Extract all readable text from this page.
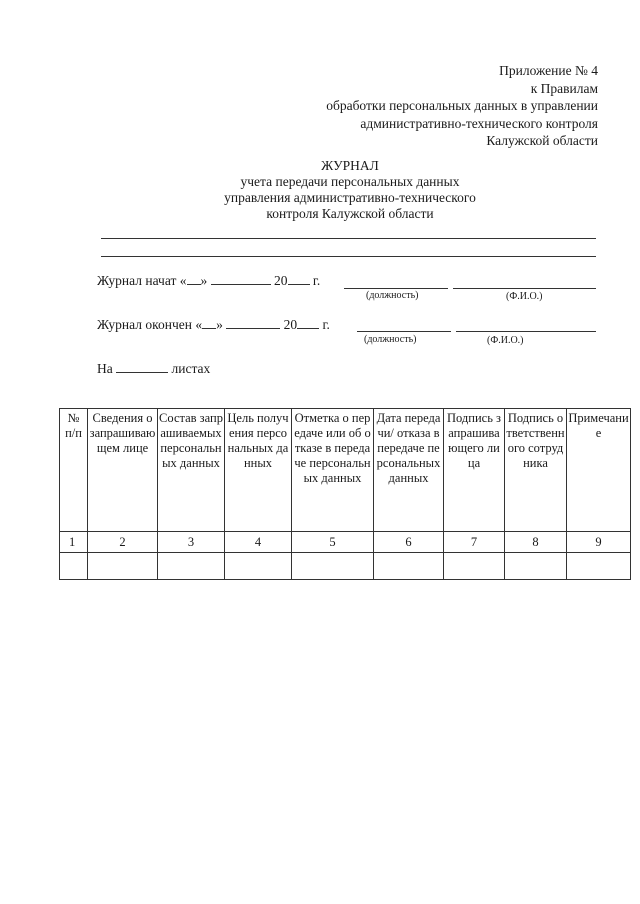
Приложение № 4
к Правилам
обработки персональных данных в управлении
административно-технического контроля
Калужской области
ЖУРНАЛ
учета передачи персональных данных
управления административно-технического
контроля Калужской области
Журнал начат « »	20 г.
(должность)	(Ф.И.О.)
Журнал окончен « »	20 г.
(должность)	(Ф.И.О.)
На	листах
№ п/п	Сведения о запрашивающем лице	Состав запрашиваемых персональных данных	Цель получения персональных данных	Отметка о передаче или об отказе в передаче персональных данных	Дата передачи/ отказа в передаче персональных данных	Подпись запрашивающего лица	Подпись ответственного сотрудника	Примечание
1	2	3	4	5	6	7	8	9
